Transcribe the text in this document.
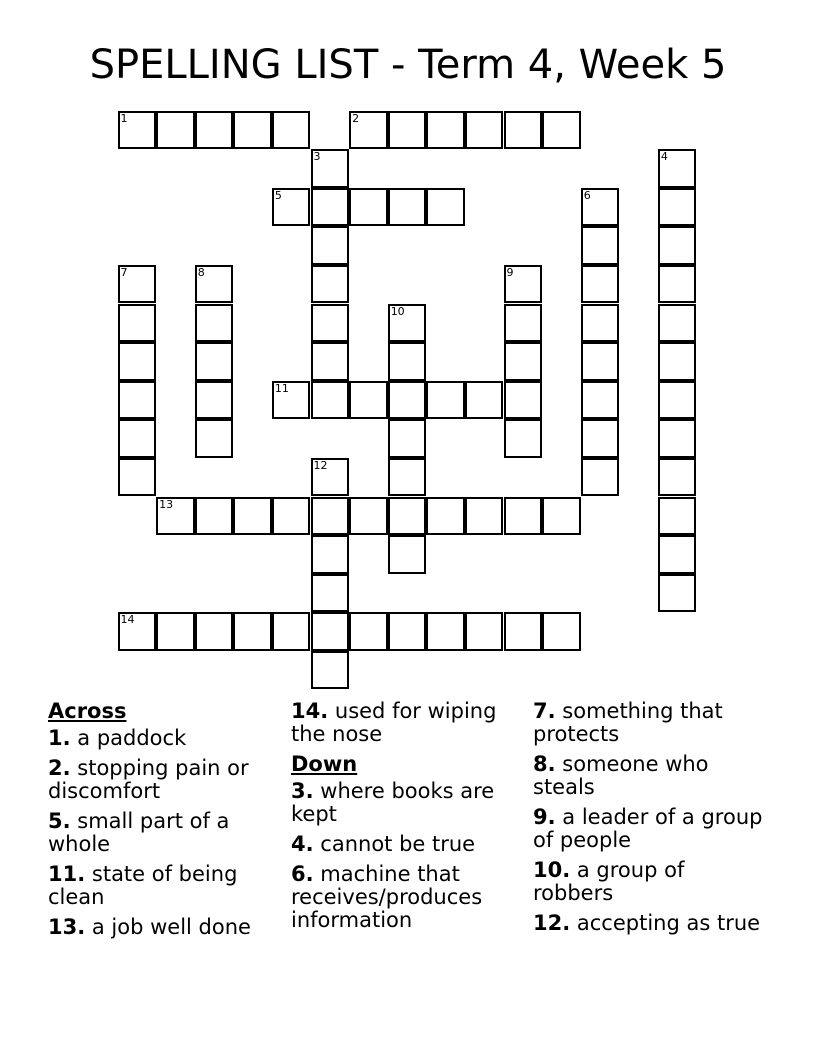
SPELLING LIST - Term 4, Week 5
1	2
3	4
5	6
7	8	9
10
11
12
13
14
Across
1. a paddock
2. stopping pain or discomfort
5. small part of a whole
11. state of being clean
13. a job well done
14. used for wiping the nose
Down
3. where books are kept
4. cannot be true
6. machine that receives/produces information
7. something that protects
8. someone who steals
9. a leader of a group of people
10. a group of robbers
12. accepting as true
